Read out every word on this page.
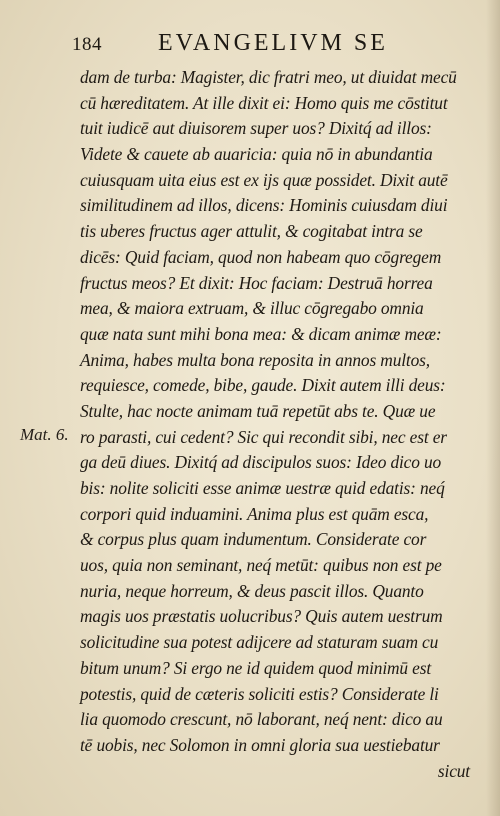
184 EVANGELIVM SE
Mat. 6.
dam de turba: Magister, dic fratri meo, ut diuidat mecū
cū hæreditatem. At ille dixit ei: Homo quis me cōstitut
tuit iudicē aut diuisorem super uos? Dixitq́ ad illos:
Videte & cauete ab auaricia: quia nō in abundantia
cuiusquam uita eius est ex ijs quæ possidet. Dixit autē
similitudinem ad illos, dicens: Hominis cuiusdam diui
tis uberes fructus ager attulit, & cogitabat intra se
dicēs: Quid faciam, quod non habeam quo cōgregem
fructus meos? Et dixit: Hoc faciam: Destruā horrea
mea, & maiora extruam, & illuc cōgregabo omnia
quæ nata sunt mihi bona mea: & dicam animæ meæ:
Anima, habes multa bona reposita in annos multos,
requiesce, comede, bibe, gaude. Dixit autem illi deus:
Stulte, hac nocte animam tuā repetūt abs te. Quæ ue
ro parasti, cui cedent? Sic qui recondit sibi, nec est er
ga deū diues. Dixitq́ ad discipulos suos: Ideo dico uo
bis: nolite soliciti esse animæ uestræ quid edatis: neq́
corpori quid induamini. Anima plus est quām esca,
& corpus plus quam indumentum. Considerate cor
uos, quia non seminant, neq́ metūt: quibus non est pe
nuria, neque horreum, & deus pascit illos. Quanto
magis uos præstatis uolucribus? Quis autem uestrum
solicitudine sua potest adijcere ad staturam suam cu
bitum unum? Si ergo ne id quidem quod minimū est
potestis, quid de cæteris soliciti estis? Considerate li
lia quomodo crescunt, nō laborant, neq́ nent: dico au
tē uobis, nec Solomon in omni gloria sua uestiebatur
sicut
